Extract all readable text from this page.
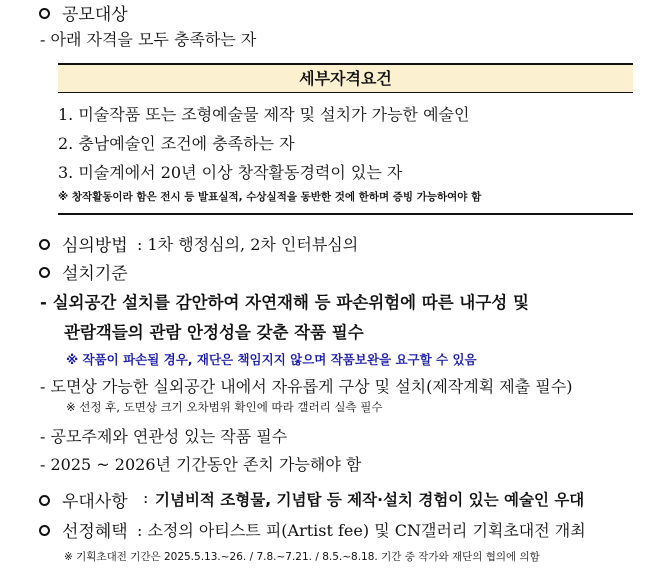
공모대상
- 아래 자격을 모두 충족하는 자
세부자격요건
1. 미술작품 또는 조형예술물 제작 및 설치가 가능한 예술인
2. 충남예술인 조건에 충족하는 자
3. 미술계에서 20년 이상 창작활동경력이 있는 자
※ 창작활동이라 함은 전시 등 발표실적, 수상실적을 동반한 것에 한하며 증빙 가능하여야 함
심의방법 : 1차 행정심의, 2차 인터뷰심의
설치기준
- 실외공간 설치를 감안하여 자연재해 등 파손위험에 따른 내구성 및
관람객들의 관람 안정성을 갖춘 작품 필수
※ 작품이 파손될 경우, 재단은 책임지지 않으며 작품보완을 요구할 수 있음
- 도면상 가능한 실외공간 내에서 자유롭게 구상 및 설치(제작계획 제출 필수)
※ 선정 후, 도면상 크기 오차범위 확인에 따라 갤러리 실측 필수
- 공모주제와 연관성 있는 작품 필수
- 2025 ~ 2026년 기간동안 존치 가능해야 함
우대사항 : 기념비적 조형물, 기념탑 등 제작·설치 경험이 있는 예술인 우대
선정혜택 : 소정의 아티스트 피(Artist fee) 및 CN갤러리 기획초대전 개최
※ 기획초대전 기간은 2025.5.13.~26. / 7.8.~7.21. / 8.5.~8.18. 기간 중 작가와 재단의 협의에 의함
